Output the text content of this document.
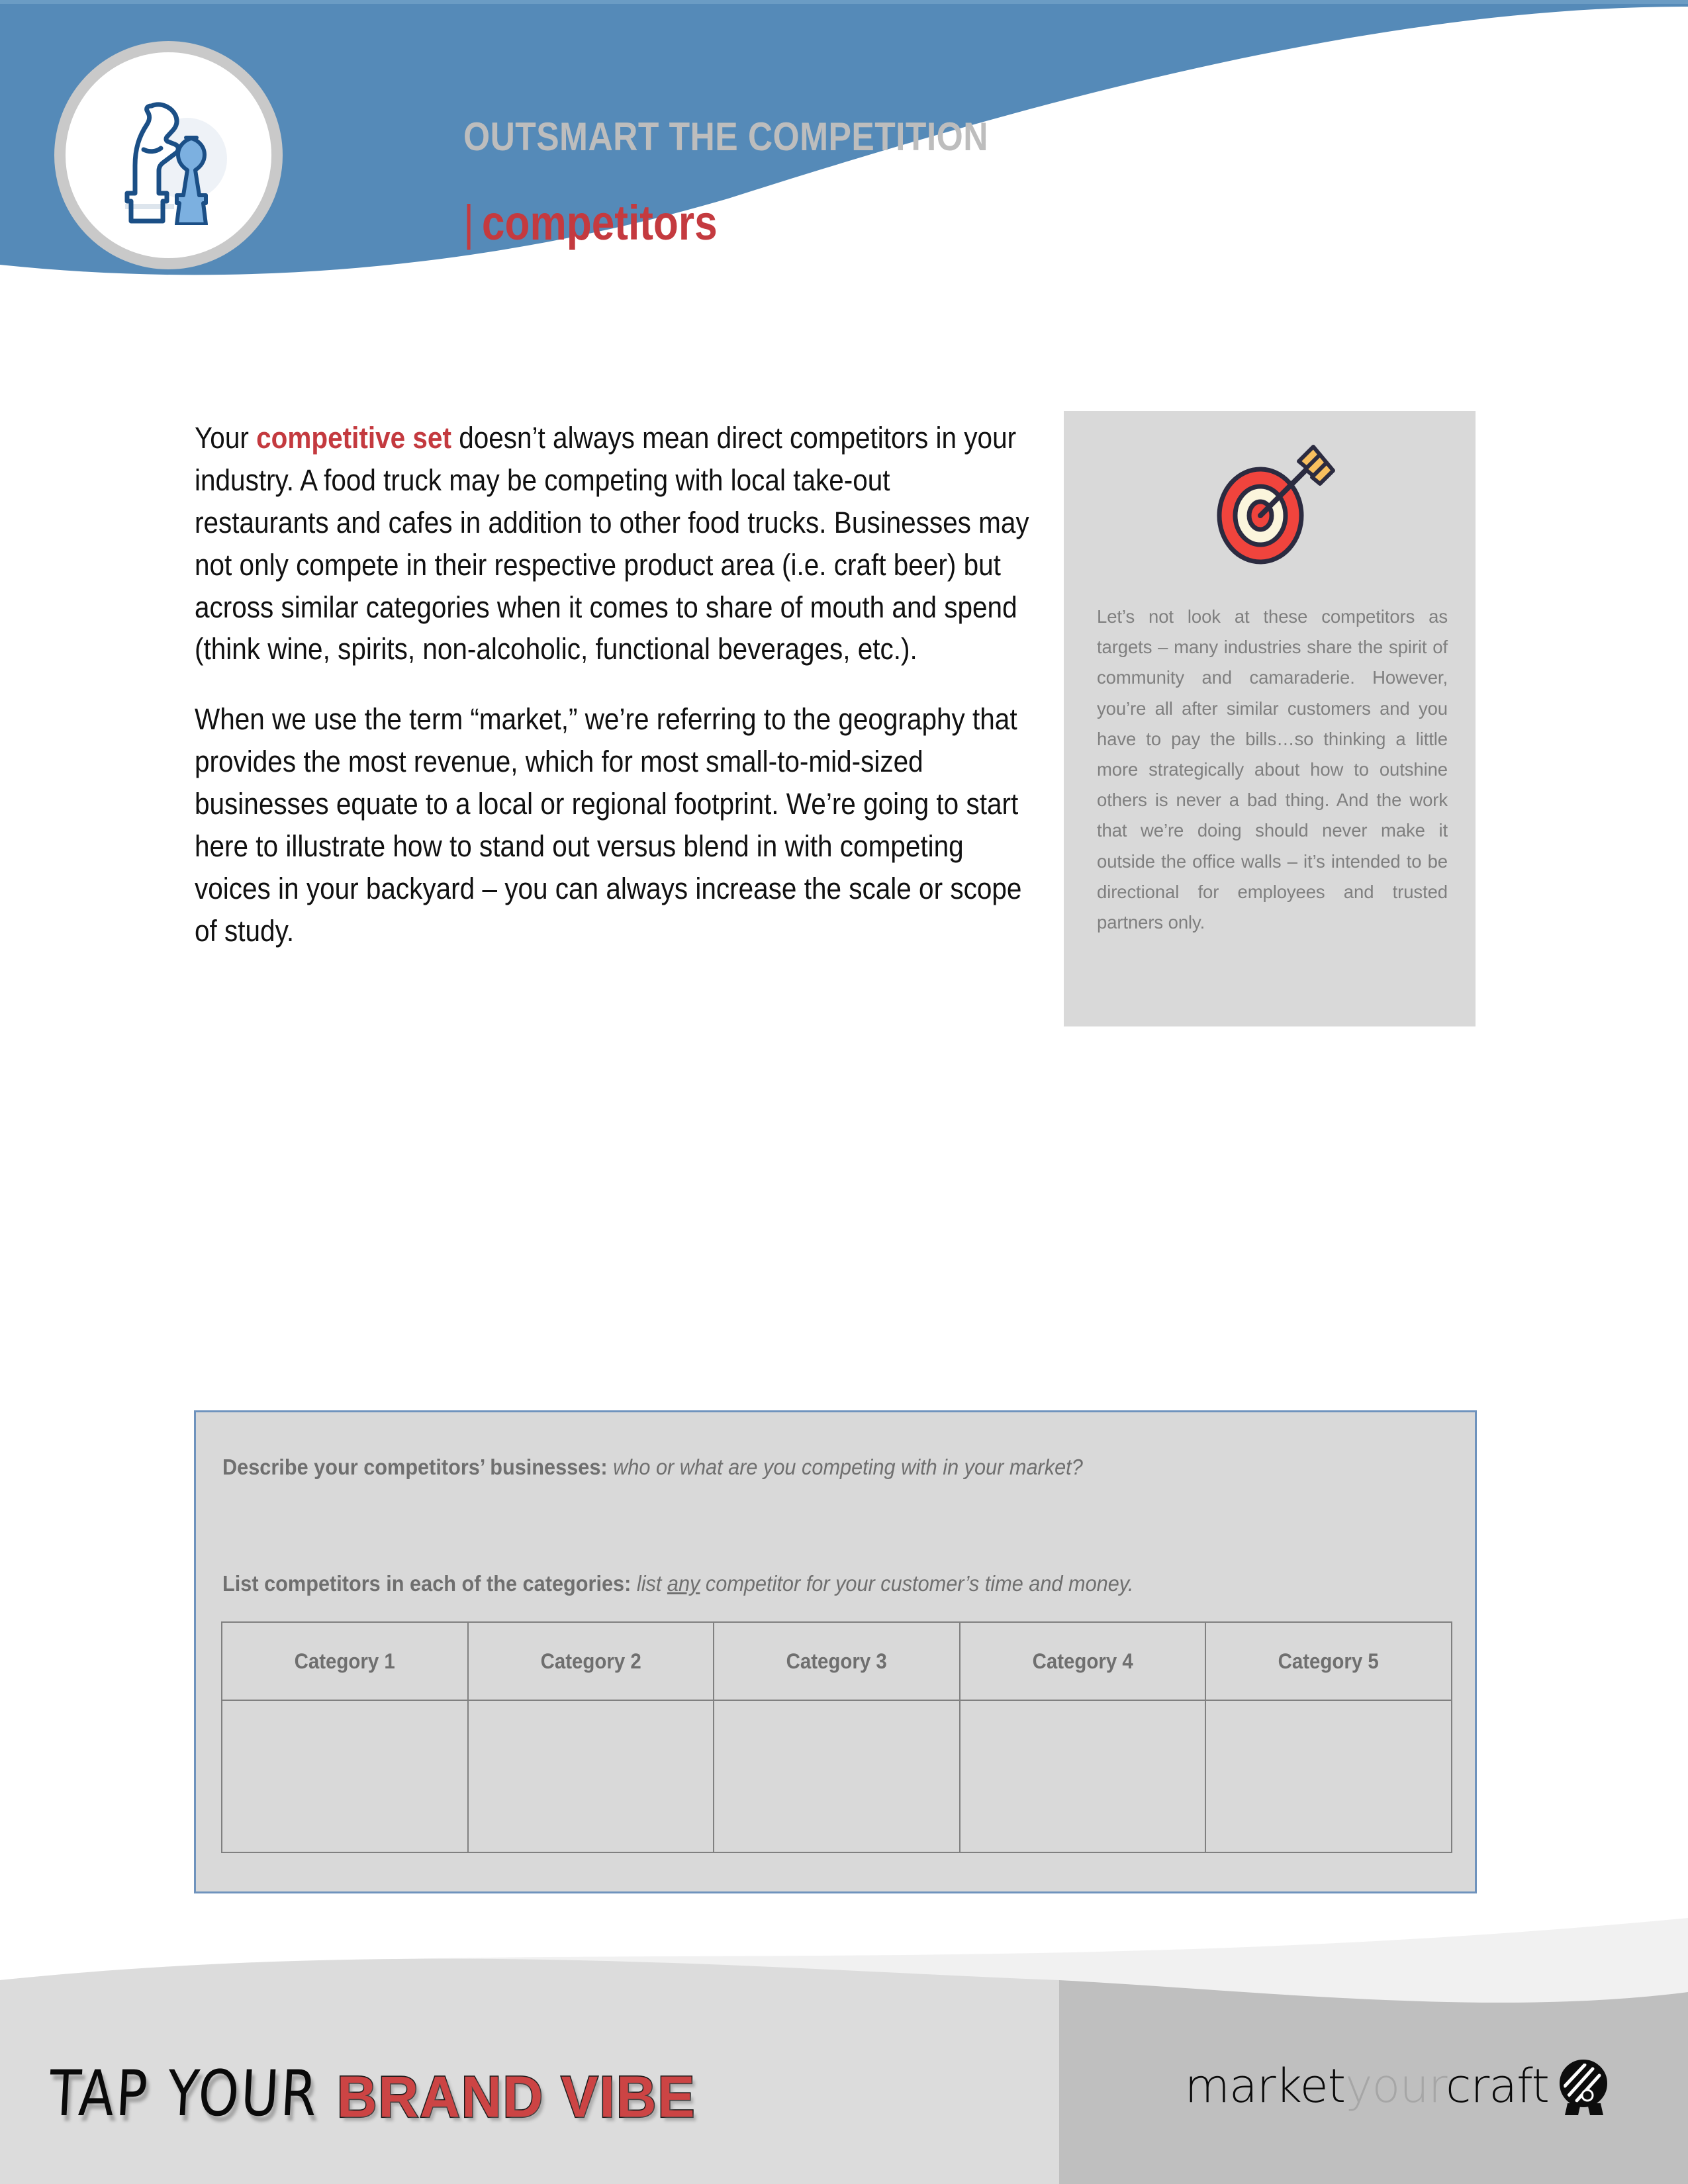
OUTSMART THE COMPETITION
| competitors

Your competitive set doesn’t always mean direct competitors in your industry. A food truck may be competing with local take-out restaurants and cafes in addition to other food trucks. Businesses may not only compete in their respective product area (i.e. craft beer) but across similar categories when it comes to share of mouth and spend (think wine, spirits, non-alcoholic, functional beverages, etc.).

When we use the term “market,” we’re referring to the geography that provides the most revenue, which for most small-to-mid-sized businesses equate to a local or regional footprint. We’re going to start here to illustrate how to stand out versus blend in with competing voices in your backyard – you can always increase the scale or scope of study.

Let’s not look at these competitors as targets – many industries share the spirit of community and camaraderie. However, you’re all after similar customers and you have to pay the bills…so thinking a little more strategically about how to outshine others is never a bad thing. And the work that we’re doing should never make it outside the office walls – it’s intended to be directional for employees and trusted partners only.
Describe your competitors’ businesses: who or what are you competing with in your market?
List competitors in each of the categories: list any competitor for your customer’s time and money.
Category 1	Category 2	Category 3	Category 4	Category 5

TAP YOUR BRAND VIBE	marketyourcraft
